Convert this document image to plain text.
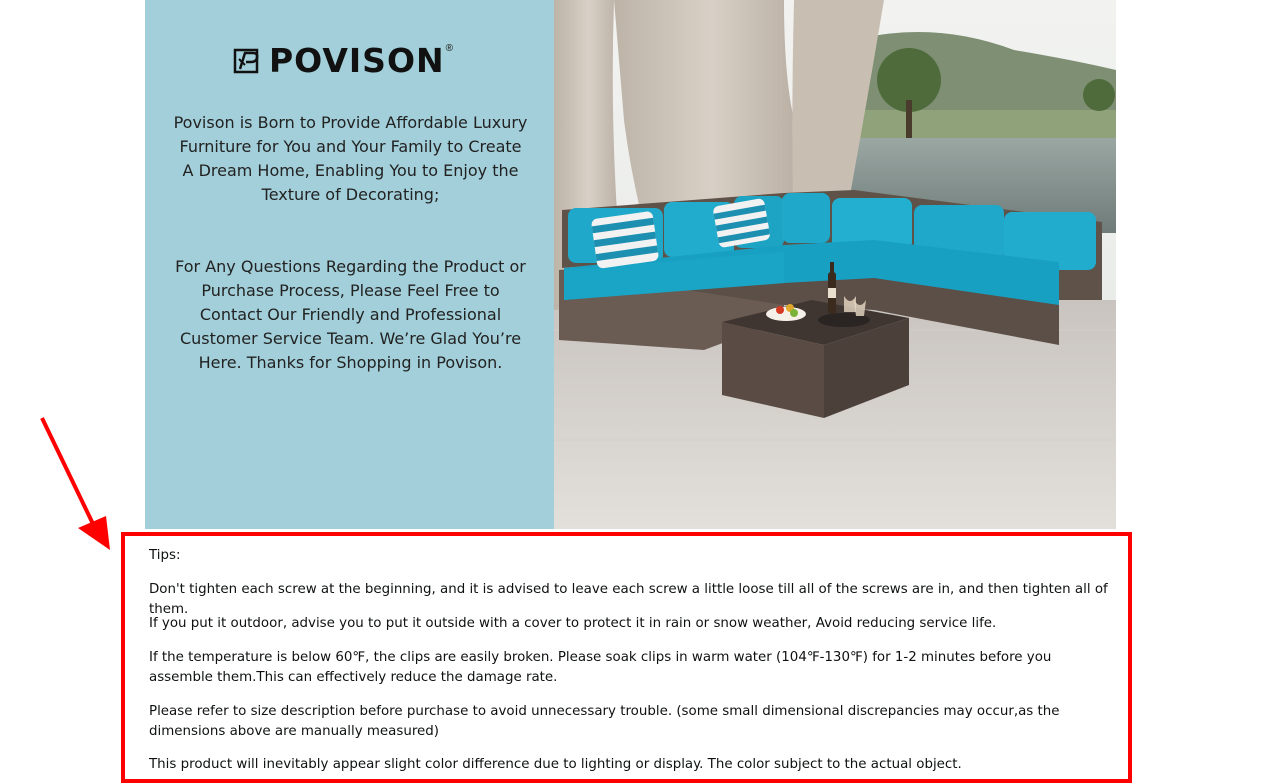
POVISON ®

Povison is Born to Provide Affordable Luxury Furniture for You and Your Family to Create A Dream Home, Enabling You to Enjoy the Texture of Decorating;

For Any Questions Regarding the Product or Purchase Process, Please Feel Free to Contact Our Friendly and Professional Customer Service Team. We’re Glad You’re Here. Thanks for Shopping in Povison.

Tips:

Don't tighten each screw at the beginning, and it is advised to leave each screw a little loose till all of the screws are in, and then tighten all of them.

If you put it outdoor, advise you to put it outside with a cover to protect it in rain or snow weather, Avoid reducing service life.

If the temperature is below 60℉, the clips are easily broken. Please soak clips in warm water (104℉-130℉) for 1-2 minutes before you assemble them.This can effectively reduce the damage rate.

Please refer to size description before purchase to avoid unnecessary trouble. (some small dimensional discrepancies may occur,as the dimensions above are manually measured)

This product will inevitably appear slight color difference due to lighting or display. The color subject to the actual object.
